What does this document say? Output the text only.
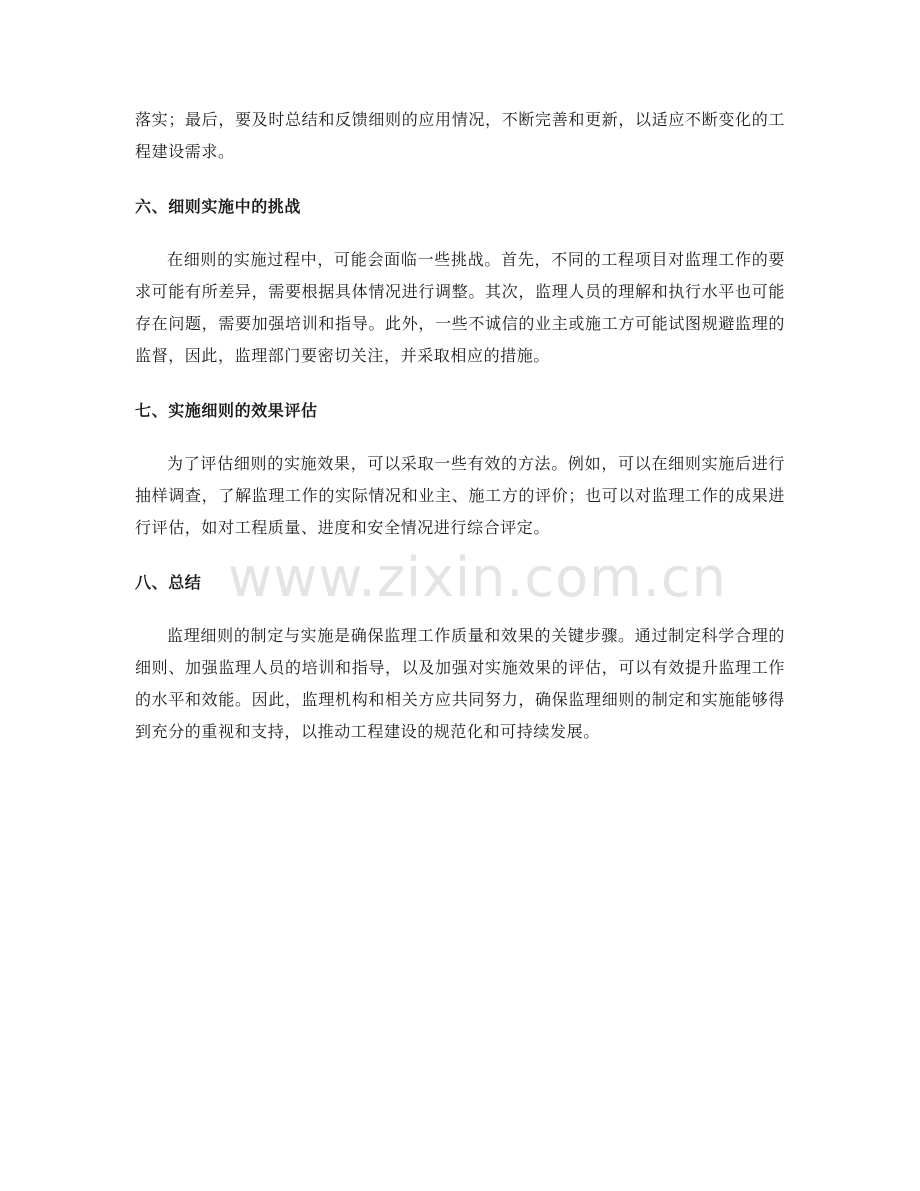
www.zixin.com.cn

落实；最后，要及时总结和反馈细则的应用情况，不断完善和更新，以适应不断变化的工程建设需求。

六、细则实施中的挑战

在细则的实施过程中，可能会面临一些挑战。首先，不同的工程项目对监理工作的要求可能有所差异，需要根据具体情况进行调整。其次，监理人员的理解和执行水平也可能存在问题，需要加强培训和指导。此外，一些不诚信的业主或施工方可能试图规避监理的监督，因此，监理部门要密切关注，并采取相应的措施。

七、实施细则的效果评估

为了评估细则的实施效果，可以采取一些有效的方法。例如，可以在细则实施后进行抽样调查，了解监理工作的实际情况和业主、施工方的评价；也可以对监理工作的成果进行评估，如对工程质量、进度和安全情况进行综合评定。

八、总结

监理细则的制定与实施是确保监理工作质量和效果的关键步骤。通过制定科学合理的细则、加强监理人员的培训和指导，以及加强对实施效果的评估，可以有效提升监理工作的水平和效能。因此，监理机构和相关方应共同努力，确保监理细则的制定和实施能够得到充分的重视和支持，以推动工程建设的规范化和可持续发展。
